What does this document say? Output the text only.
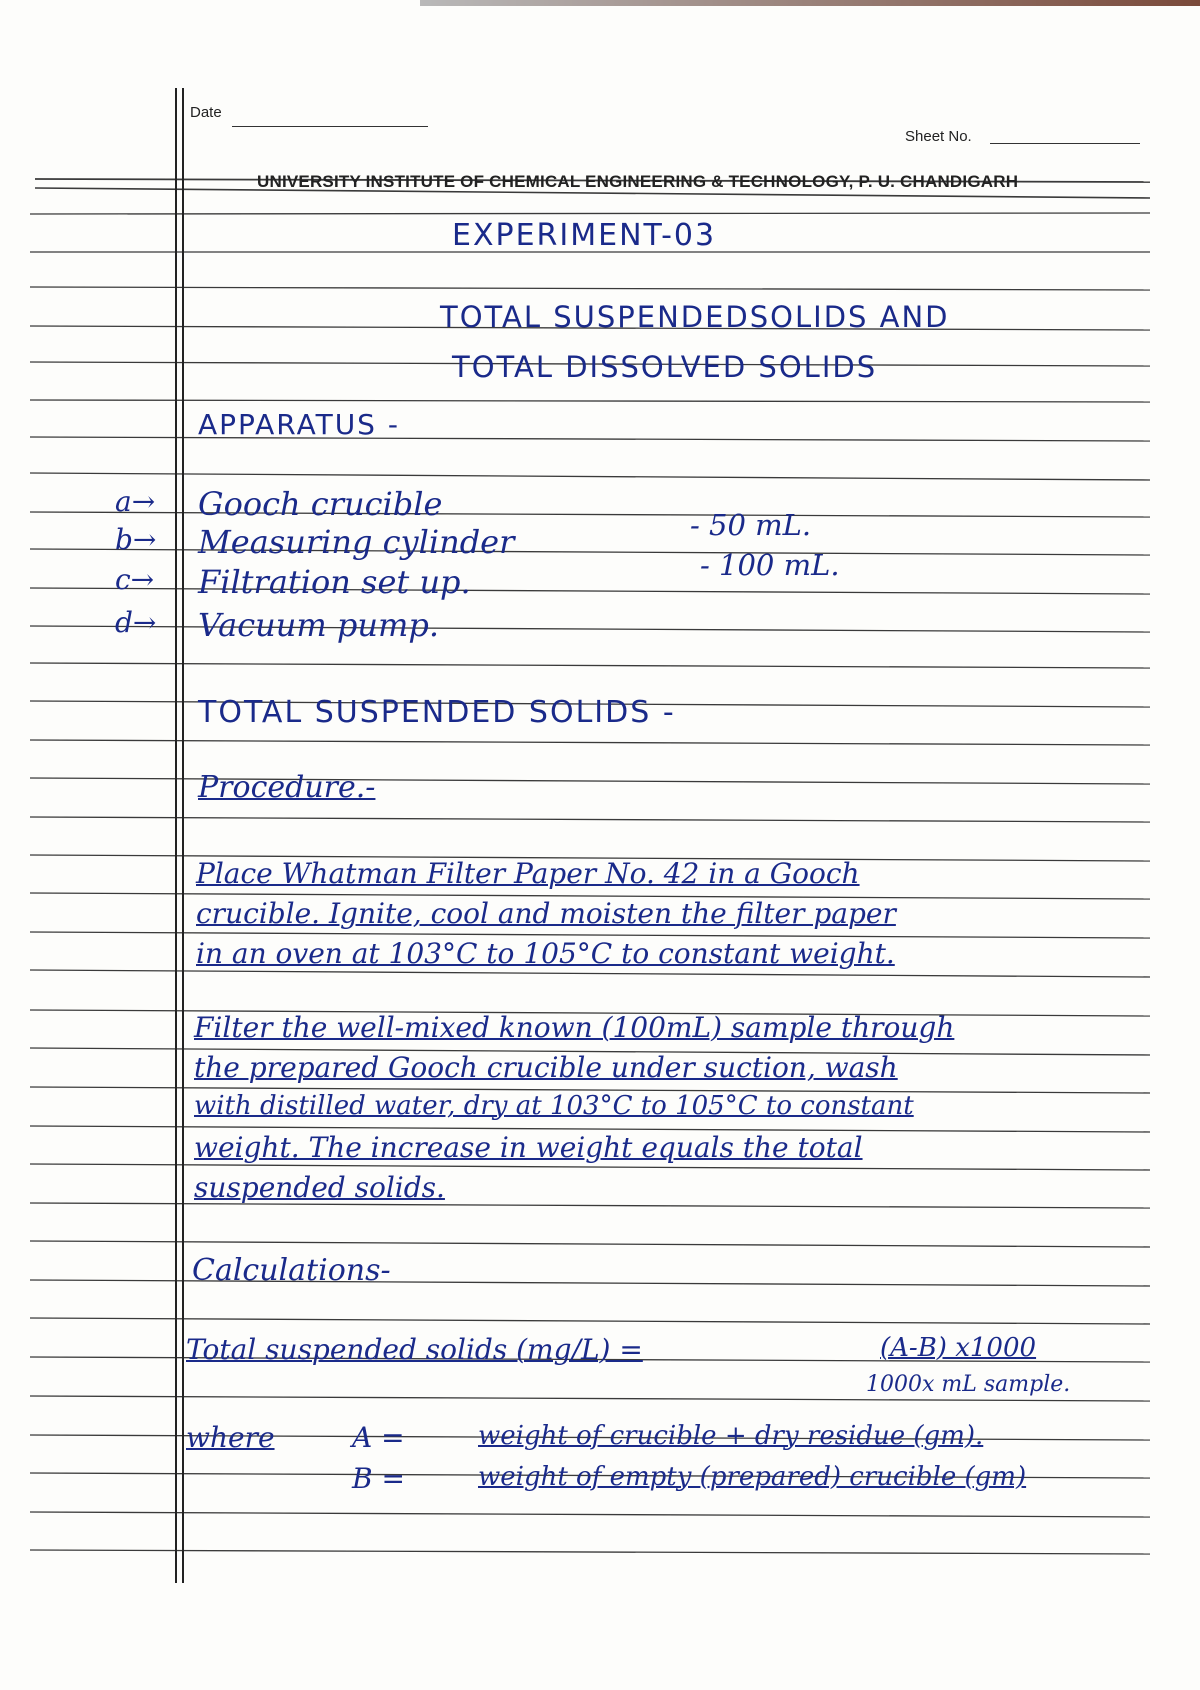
Date
Sheet No.
UNIVERSITY INSTITUTE OF CHEMICAL ENGINEERING & TECHNOLOGY, P. U. CHANDIGARH
EXPERIMENT-03
TOTAL SUSPENDEDSOLIDS AND
TOTAL DISSOLVED SOLIDS
APPARATUS -
a→ Gooch crucible
- 50 mL.
b→ Measuring cylinder
- 100 mL.
c→ Filtration set up.
d→ Vacuum pump.
TOTAL SUSPENDED SOLIDS -
Procedure.-
Place Whatman Filter Paper No. 42 in a Gooch
crucible. Ignite, cool and moisten the filter paper
in an oven at 103°C to 105°C to constant weight.
Filter the well-mixed known (100mL) sample through
the prepared Gooch crucible under suction, wash
with distilled water, dry at 103°C to 105°C to constant
weight. The increase in weight equals the total
suspended solids.
Calculations-
Total suspended solids (mg/L) =	(A-B) x1000
1000x mL sample.
where	A =	weight of crucible + dry residue (gm).
B =	weight of empty (prepared) crucible (gm)
